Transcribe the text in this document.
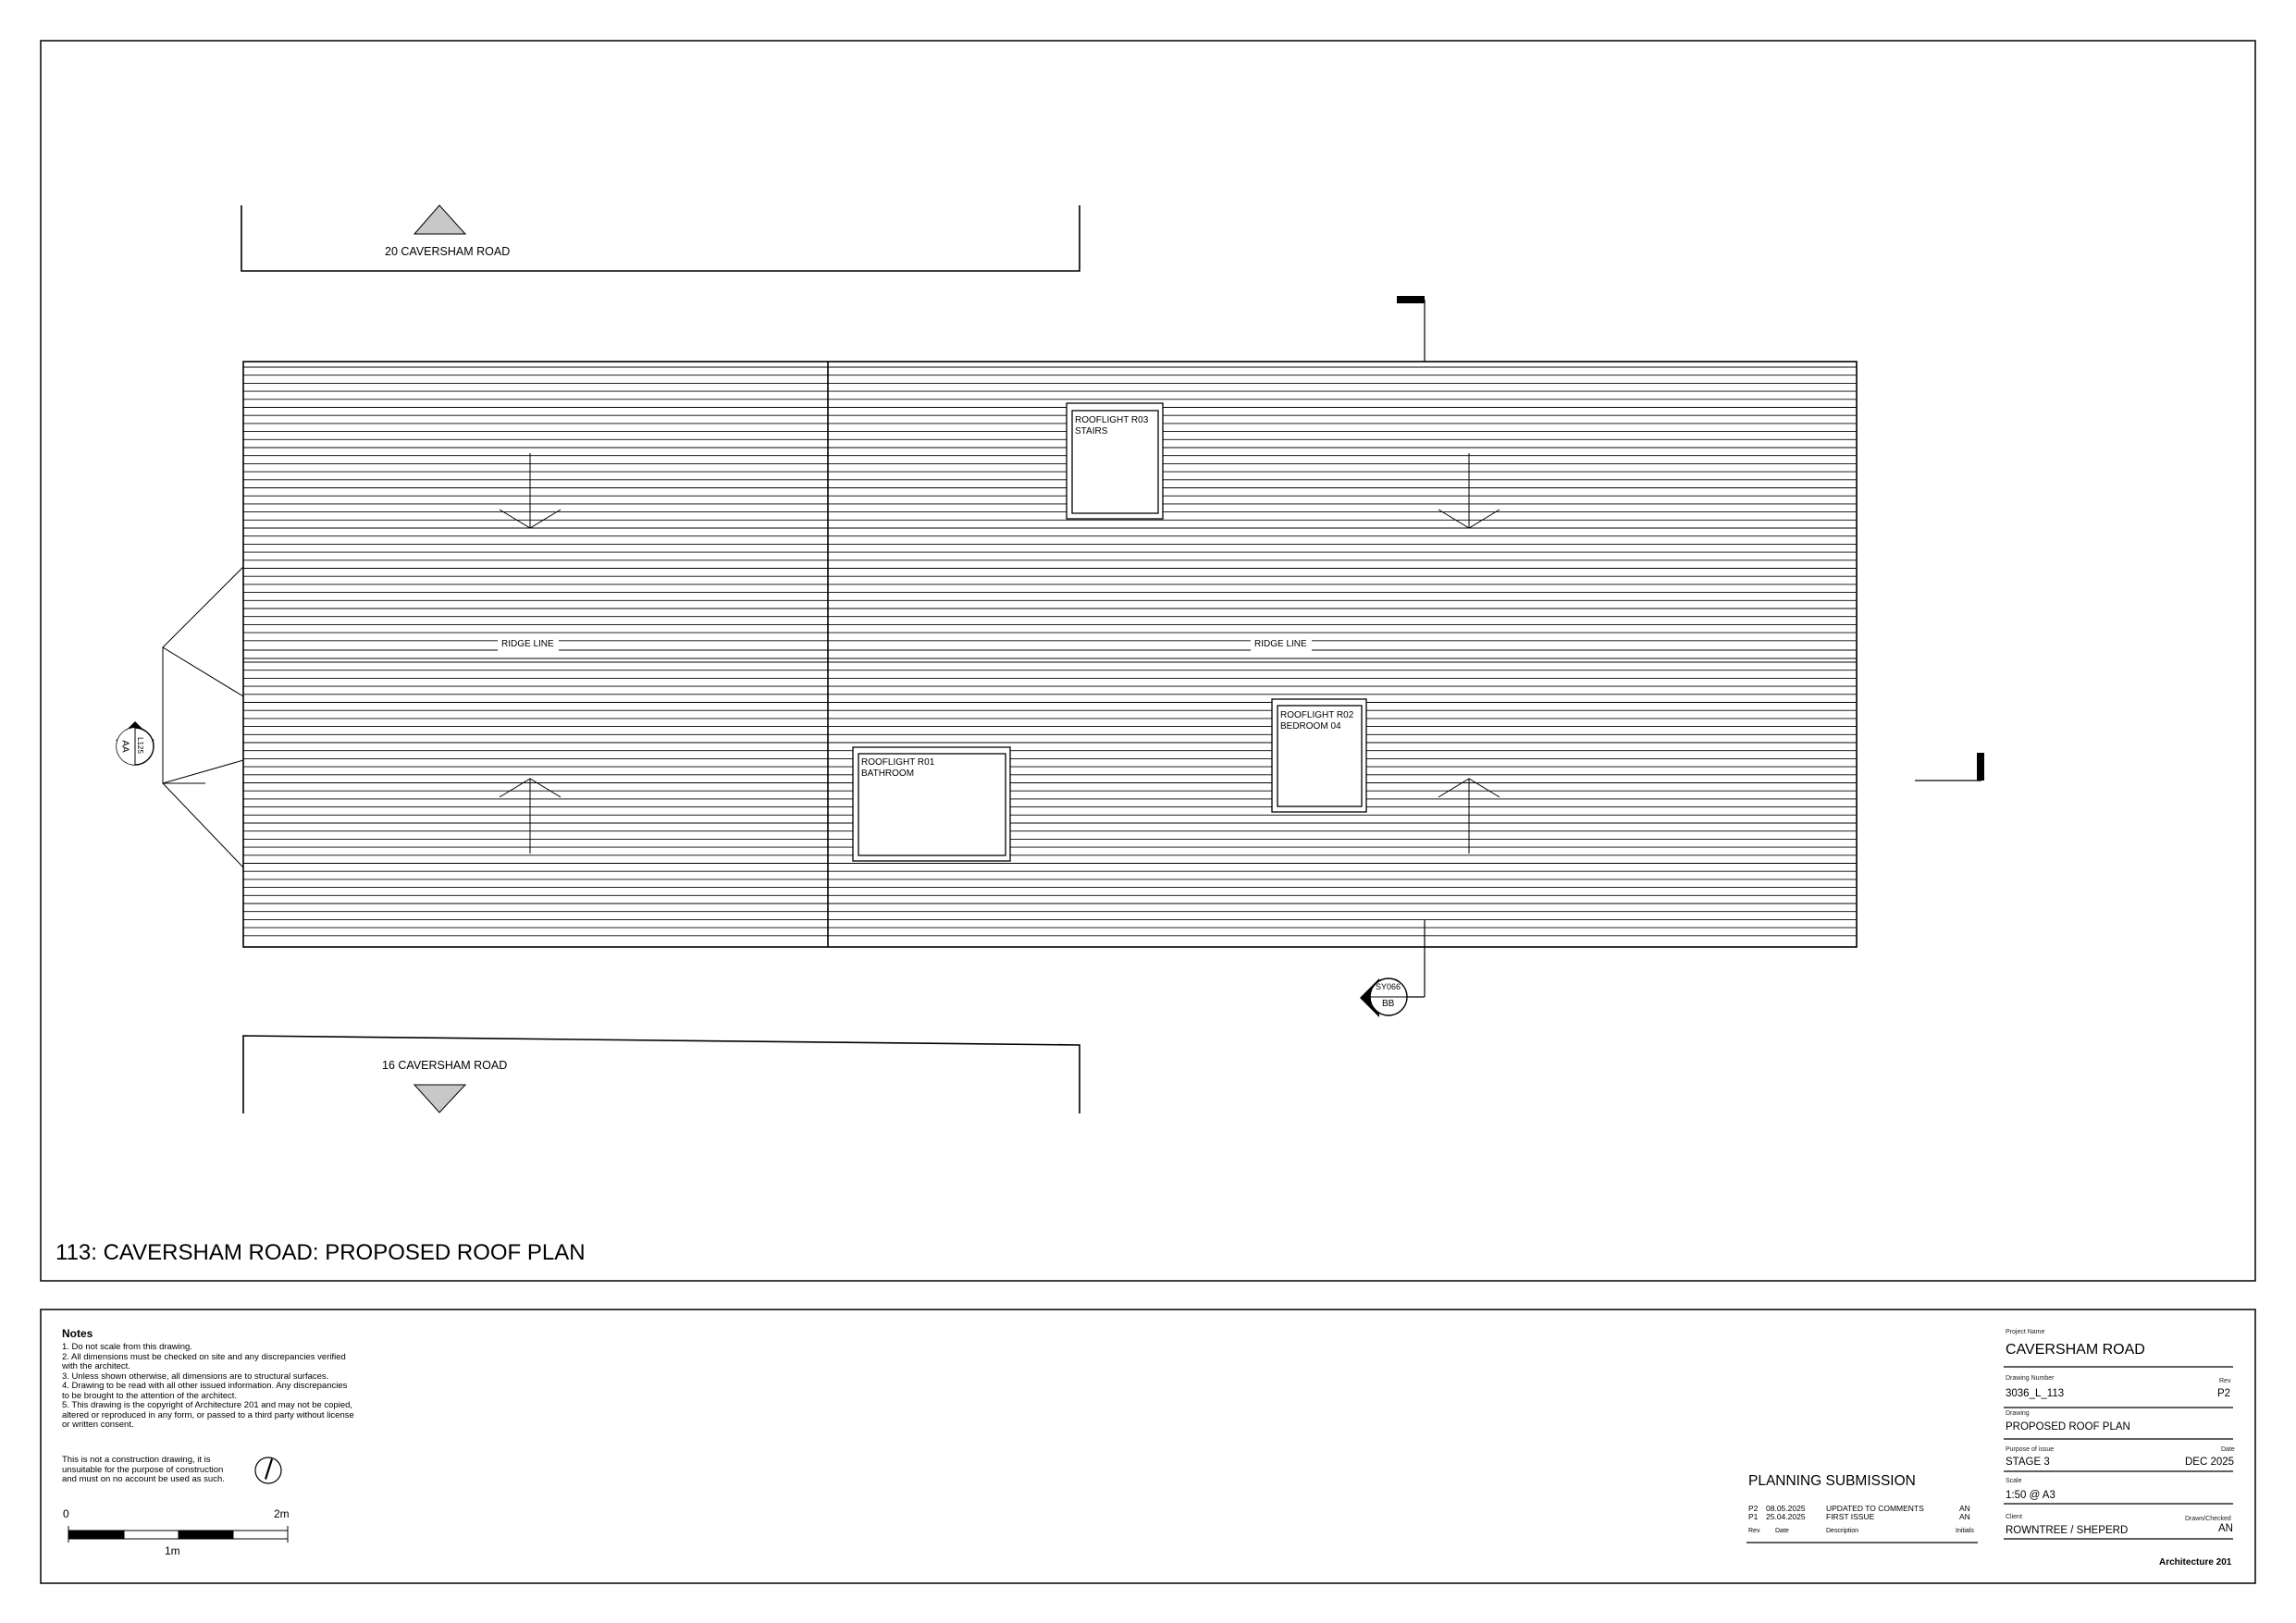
20 CAVERSHAM ROAD
16 CAVERSHAM ROAD
RIDGE LINE	RIDGE LINE
ROOFLIGHT R03
STAIRS
ROOFLIGHT R02
BEDROOM 04
ROOFLIGHT R01
BATHROOM
AA L125
SY066
BB
113: CAVERSHAM ROAD: PROPOSED ROOF PLAN
Notes
1. Do not scale from this drawing.
2. All dimensions must be checked on site and any discrepancies verified
with the architect.
3. Unless shown otherwise, all dimensions are to structural surfaces.
4. Drawing to be read with all other issued information. Any discrepancies
to be brought to the attention of the architect.
5. This drawing is the copyright of Architecture 201 and may not be copied,
altered or reproduced in any form, or passed to a third party without license
or written consent.
This is not a construction drawing, it is
unsuitable for the purpose of construction
and must on no account be used as such.
0	2m
1m
PLANNING SUBMISSION
P2 08.05.2025	UPDATED TO COMMENTS	AN
P1 25.04.2025	FIRST ISSUE	AN
Rev Date	Description	Initials
Project Name
CAVERSHAM ROAD
Drawing Number	Rev
3036_L_113	P2
Drawing
PROPOSED ROOF PLAN
Purpose of issue	Date
STAGE 3	DEC 2025
Scale
1:50 @ A3
Client	Drawn/Checked
ROWNTREE / SHEPERD	AN
Architecture 201
